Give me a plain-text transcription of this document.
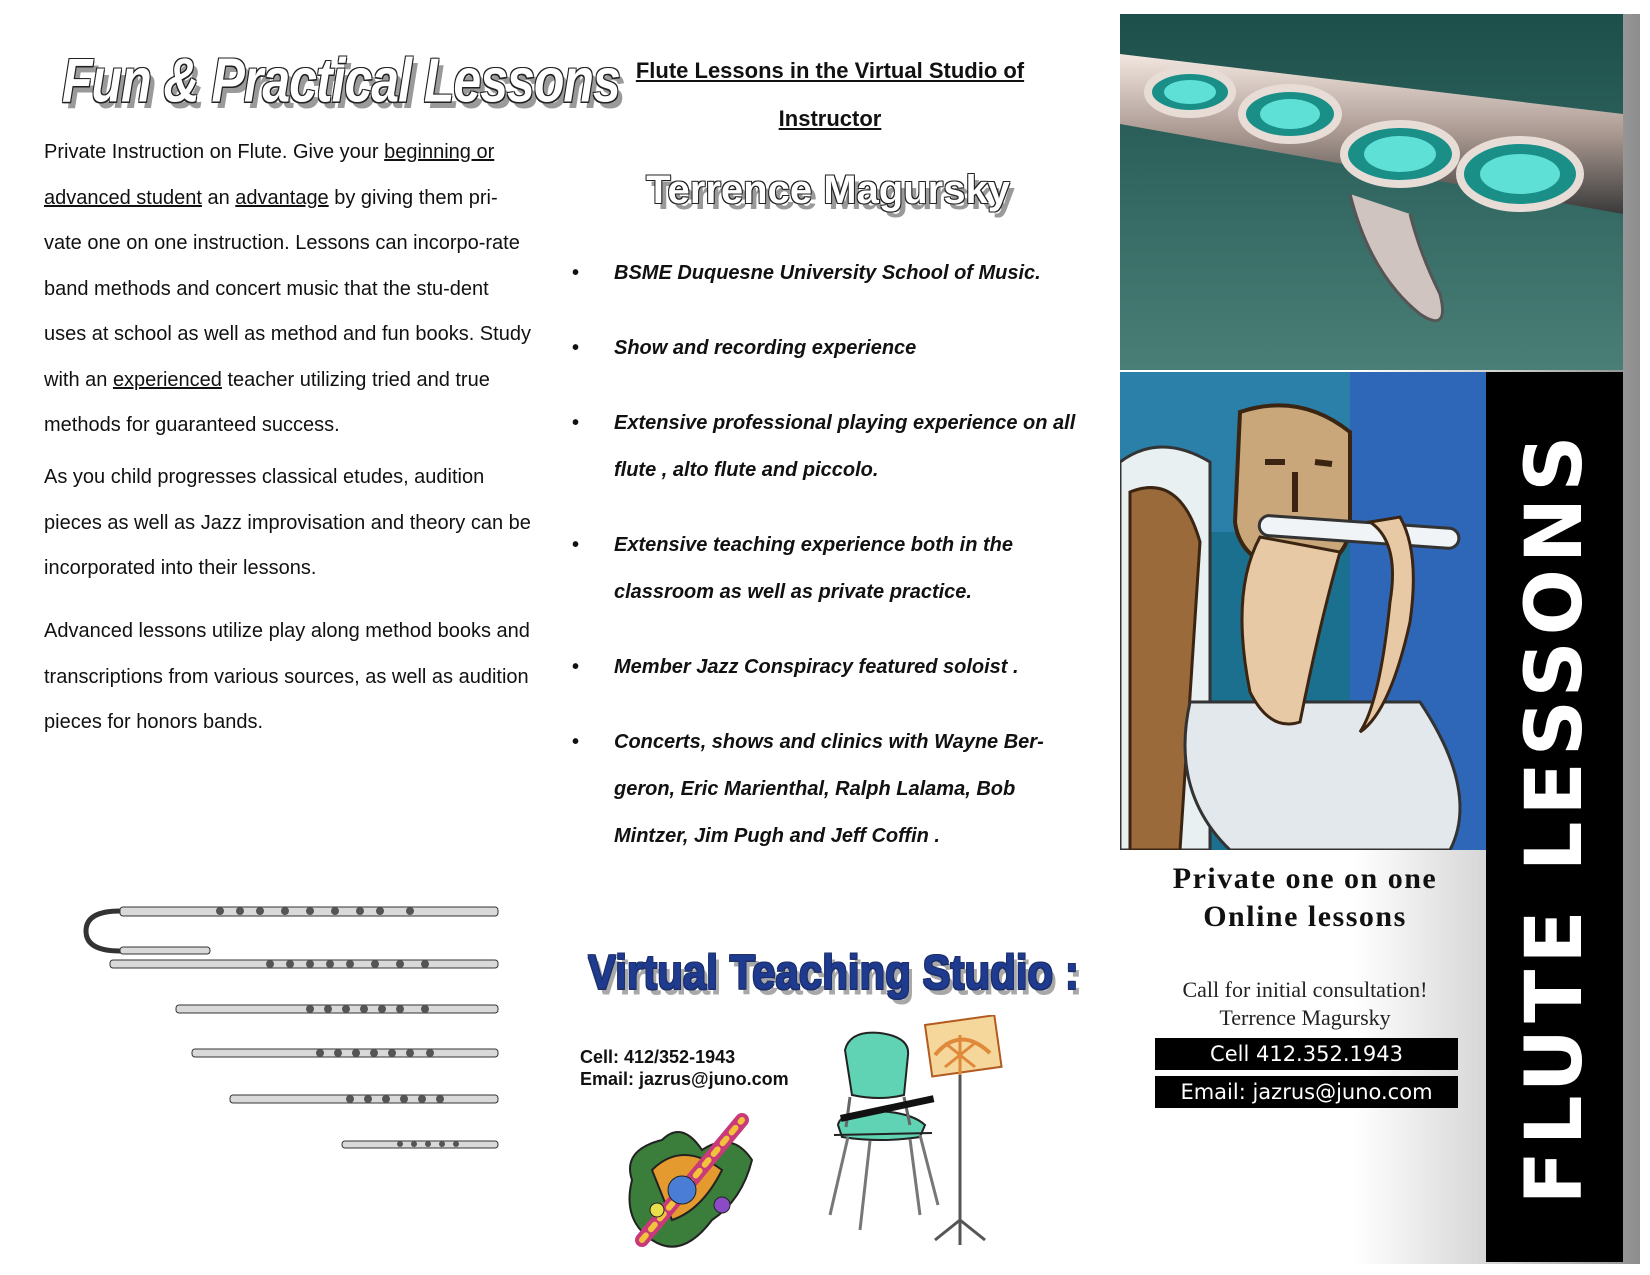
Fun & Practical Lessons
Private Instruction on Flute. Give your beginning or advanced student an advantage by giving them pri-vate one on one instruction. Lessons can incorpo-rate band methods and concert music that the stu-dent uses at school as well as method and fun books. Study with an experienced teacher utilizing tried and true methods for guaranteed success.
As you child progresses classical etudes, audition pieces as well as Jazz improvisation and theory can be incorporated into their lessons.
Advanced lessons utilize play along method books and transcriptions from various sources, as well as audition pieces for honors bands.
Flute Lessons in the Virtual Studio of
Instructor
Terrence Magursky
• BSME Duquesne University School of Music.
• Show and recording experience
• Extensive professional playing experience on all flute , alto flute and piccolo.
• Extensive teaching experience both in the classroom as well as private practice.
• Member Jazz Conspiracy featured soloist .
• Concerts, shows and clinics with Wayne Ber-geron, Eric Marienthal, Ralph Lalama, Bob Mintzer, Jim Pugh and Jeff Coffin .
Virtual Teaching Studio :
Cell: 412/352-1943
Email: jazrus@juno.com	FLUTE LESSONS
Private one on one
Online lessons
Call for initial consultation!
Terrence Magursky
Cell 412.352.1943
Email: jazrus@juno.com
